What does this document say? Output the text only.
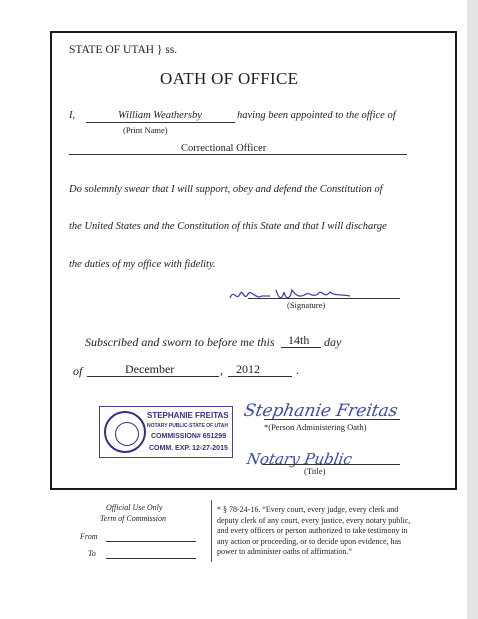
STATE OF UTAH } ss.
OATH OF OFFICE
I,	William Weathersby
(Print Name)
having been appointed to the office of
Correctional Officer
Do solemnly swear that I will support, obey and defend the Constitution of
the United States and the Constitution of this State and that I will discharge
the duties of my office with fidelity.
(Signature)
Subscribed and sworn to before me this 14th day
of	December	, 2012	.
STEPHANIE FREITAS
NOTARY PUBLIC-STATE OF UTAH
COMMISSION# 651299
COMM. EXP. 12-27-2015
Stephanie Freitas
*(Person Administering Oath)
Notary Public
(Title)
Official Use Only
Term of Commission
From
To
* § 78-24-16. “Every court, every judge, every clerk and
deputy clerk of any court, every justice, every notary public,
and every officers or person authorized to take testimony in
any action or proceeding, or to decide upon evidence, has
power to administer oaths of affirmation.”
